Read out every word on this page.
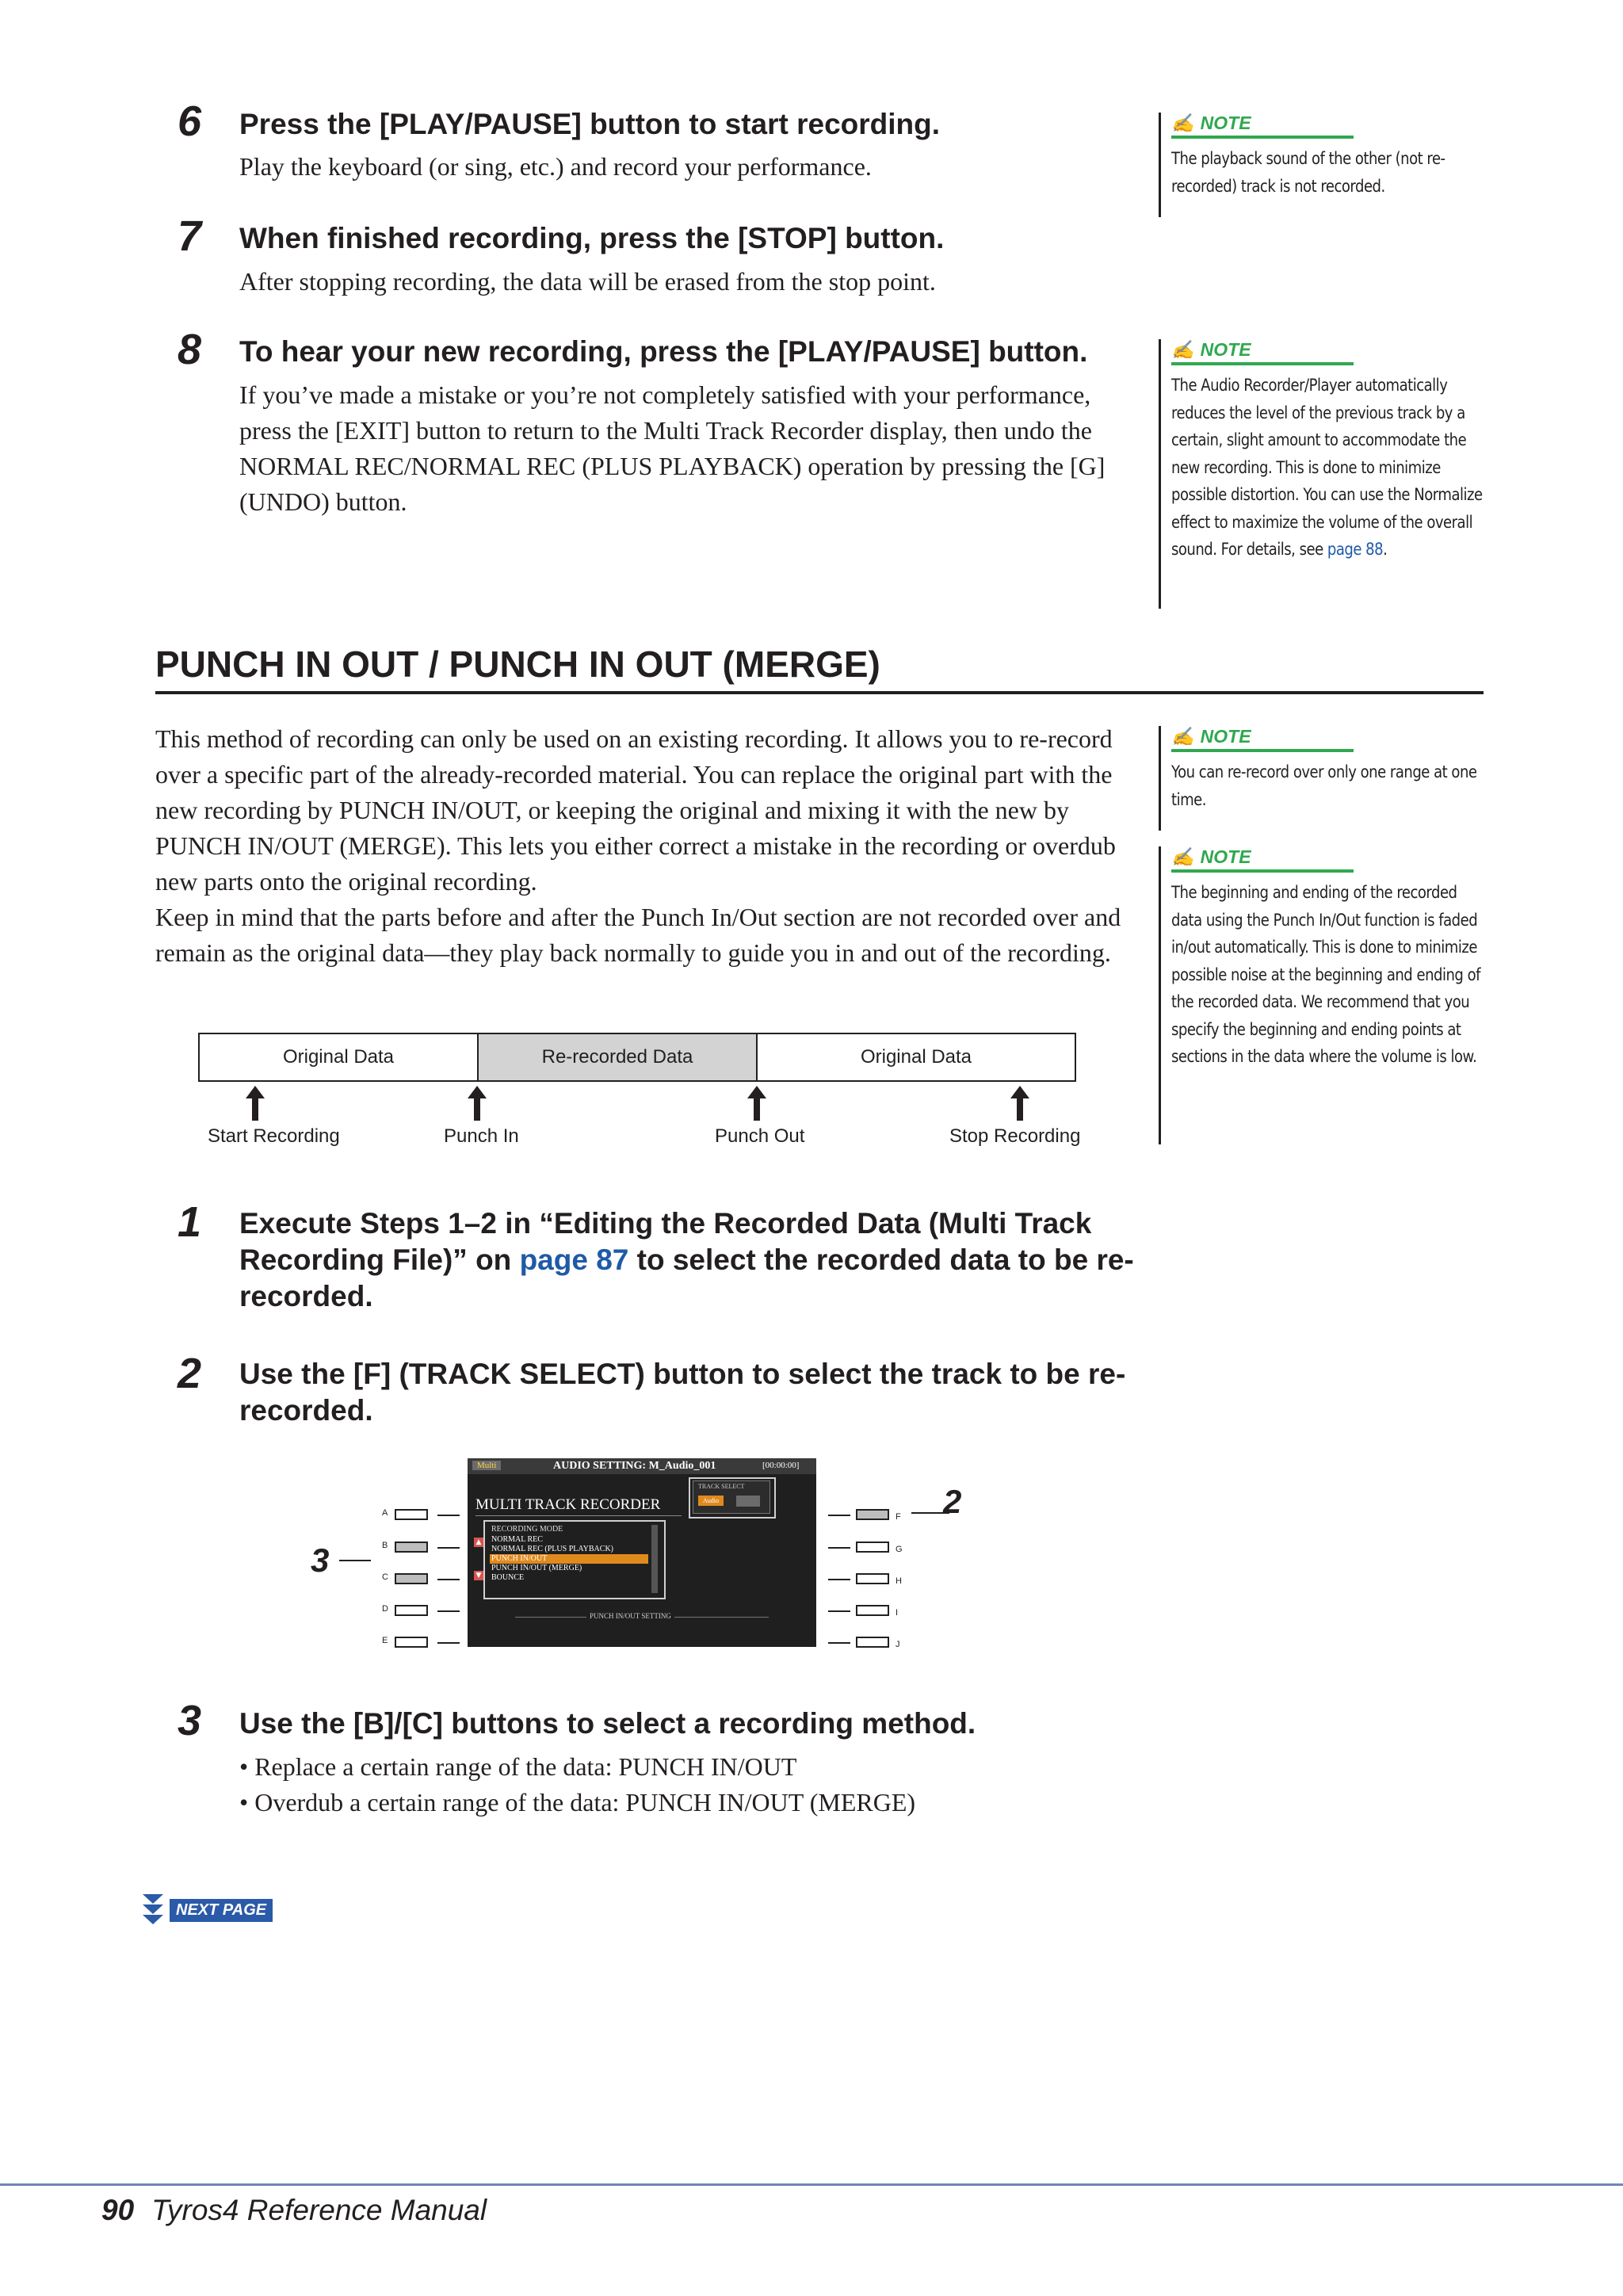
6 Press the [PLAY/PAUSE] button to start recording.
Play the keyboard (or sing, etc.) and record your performance.
7 When finished recording, press the [STOP] button.
After stopping recording, the data will be erased from the stop point.
8 To hear your new recording, press the [PLAY/PAUSE] button.
If you’ve made a mistake or you’re not completely satisfied with your performance, press the [EXIT] button to return to the Multi Track Recorder display, then undo the NORMAL REC/NORMAL REC (PLUS PLAYBACK) operation by pressing the [G] (UNDO) button.
✍ NOTE
The playback sound of the other (not re-recorded) track is not recorded.
✍ NOTE
The Audio Recorder/Player automatically reduces the level of the previous track by a certain, slight amount to accommodate the new recording. This is done to minimize possible distortion. You can use the Normalize effect to maximize the volume of the overall sound. For details, see page 88.
✍ NOTE
You can re-record over only one range at one time.
✍ NOTE
The beginning and ending of the recorded data using the Punch In/Out function is faded in/out automatically. This is done to minimize possible noise at the beginning and ending of the recorded data. We recommend that you specify the beginning and ending points at sections in the data where the volume is low.
PUNCH IN OUT / PUNCH IN OUT (MERGE)
This method of recording can only be used on an existing recording. It allows you to re-record over a specific part of the already-recorded material. You can replace the original part with the new recording by PUNCH IN/OUT, or keeping the original and mixing it with the new by PUNCH IN/OUT (MERGE). This lets you either correct a mistake in the recording or overdub new parts onto the original recording.
Keep in mind that the parts before and after the Punch In/Out section are not recorded over and remain as the original data—they play back normally to guide you in and out of the recording.
Original Data	Re-recorded Data	Original Data
Start Recording	Punch In	Punch Out	Stop Recording
1 Execute Steps 1–2 in “Editing the Recorded Data (Multi Track Recording File)” on page 87 to select the recorded data to be re-recorded.
2 Use the [F] (TRACK SELECT) button to select the track to be re-recorded.
A
B
C
D
E
F
G
H
I
J
Multi	AUDIO SETTING: M_Audio_001	[00:00:00]
MULTI TRACK RECORDER
TRACK SELECT
Audio
▲
▼
RECORDING MODE
NORMAL REC
NORMAL REC (PLUS PLAYBACK)
PUNCH IN/OUT
PUNCH IN/OUT (MERGE)
BOUNCE
PUNCH IN/OUT SETTING
2
3
3 Use the [B]/[C] buttons to select a recording method.
• Replace a certain range of the data: PUNCH IN/OUT
• Overdub a certain range of the data: PUNCH IN/OUT (MERGE)
NEXT PAGE
90 Tyros4 Reference Manual
